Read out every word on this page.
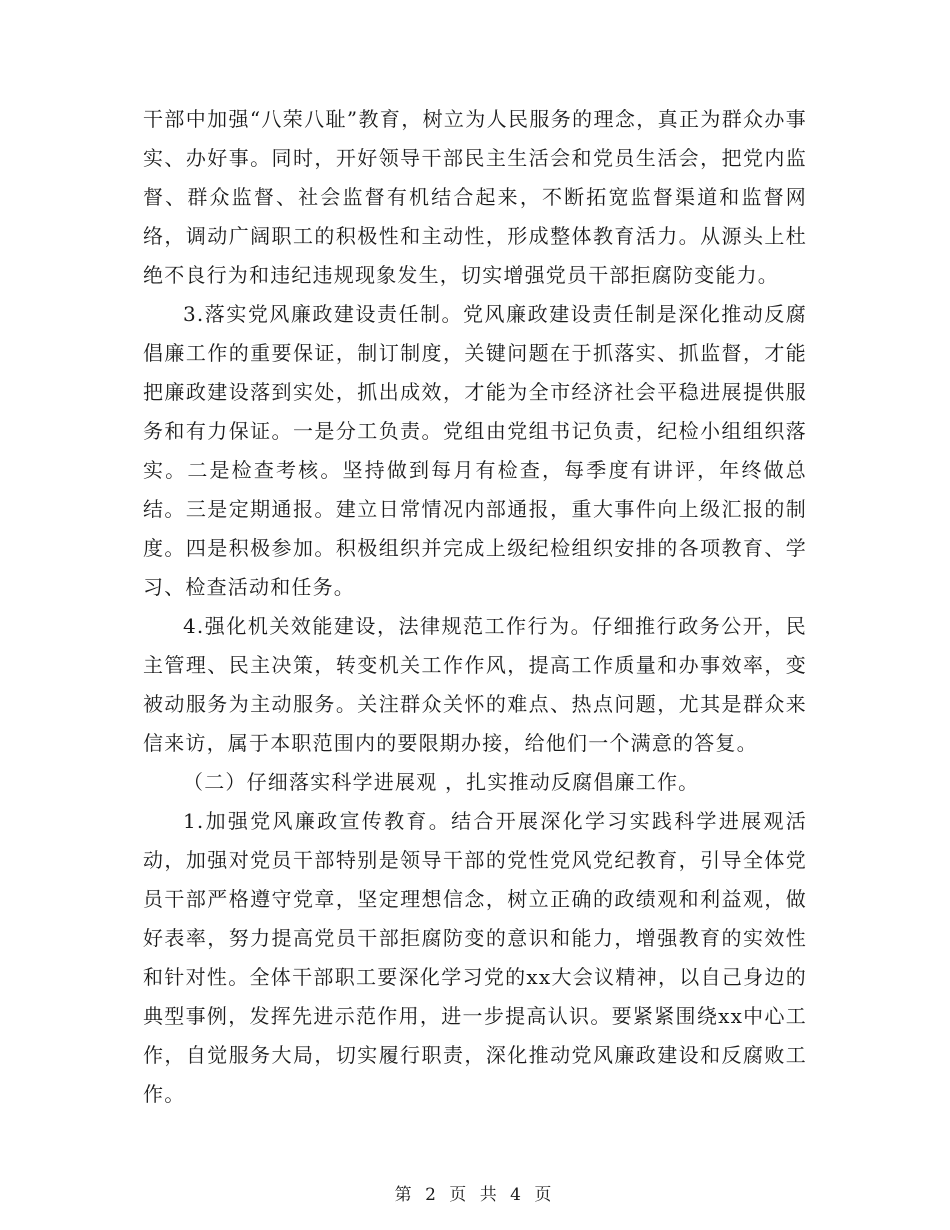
干部中加强“八荣八耻”教育，树立为人民服务的理念，真正为群众办事实、办好事。同时，开好领导干部民主生活会和党员生活会，把党内监督、群众监督、社会监督有机结合起来，不断拓宽监督渠道和监督网络，调动广阔职工的积极性和主动性，形成整体教育活力。从源头上杜绝不良行为和违纪违规现象发生，切实增强党员干部拒腐防变能力。

3.落实党风廉政建设责任制。党风廉政建设责任制是深化推动反腐倡廉工作的重要保证，制订制度，关键问题在于抓落实、抓监督，才能把廉政建设落到实处，抓出成效，才能为全市经济社会平稳进展提供服务和有力保证。一是分工负责。党组由党组书记负责，纪检小组组织落实。二是检查考核。坚持做到每月有检查，每季度有讲评，年终做总结。三是定期通报。建立日常情况内部通报，重大事件向上级汇报的制度。四是积极参加。积极组织并完成上级纪检组织安排的各项教育、学习、检查活动和任务。

4.强化机关效能建设，法律规范工作行为。仔细推行政务公开，民主管理、民主决策，转变机关工作作风，提高工作质量和办事效率，变被动服务为主动服务。关注群众关怀的难点、热点问题，尤其是群众来信来访，属于本职范围内的要限期办接，给他们一个满意的答复。

（二）仔细落实科学进展观 ，扎实推动反腐倡廉工作。

1.加强党风廉政宣传教育。结合开展深化学习实践科学进展观活动，加强对党员干部特别是领导干部的党性党风党纪教育，引导全体党员干部严格遵守党章，坚定理想信念，树立正确的政绩观和利益观，做好表率，努力提高党员干部拒腐防变的意识和能力，增强教育的实效性和针对性。全体干部职工要深化学习党的xx大会议精神，以自己身边的典型事例，发挥先进示范作用，进一步提高认识。要紧紧围绕xx中心工作，自觉服务大局，切实履行职责，深化推动党风廉政建设和反腐败工作。

第 2 页 共 4 页
